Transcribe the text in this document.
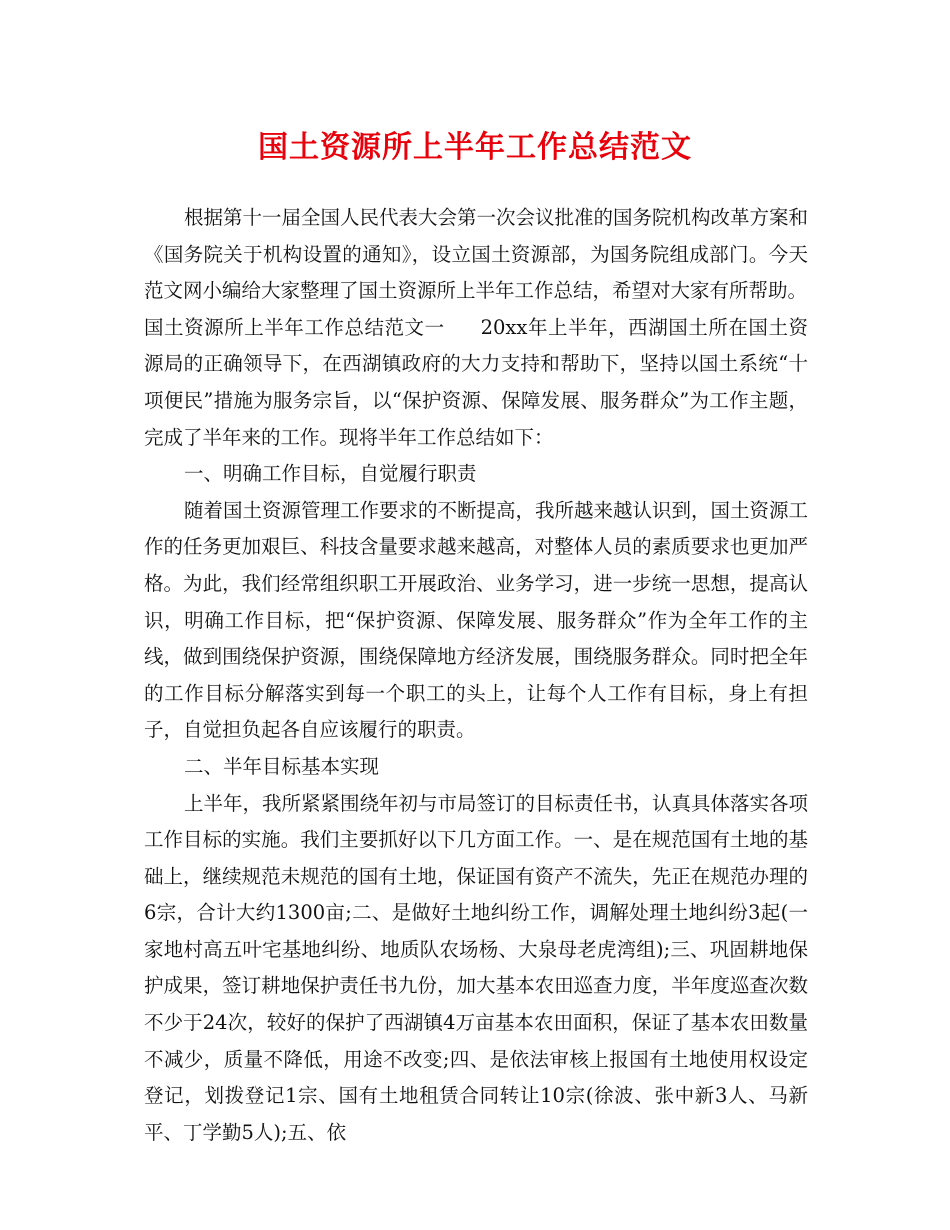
国土资源所上半年工作总结范文

根据第十一届全国人民代表大会第一次会议批准的国务院机构改革方案和《国务院关于机构设置的通知》，设立国土资源部，为国务院组成部门。今天范文网小编给大家整理了国土资源所上半年工作总结，希望对大家有所帮助。

国土资源所上半年工作总结范文一 20xx年上半年，西湖国土所在国土资源局的正确领导下，在西湖镇政府的大力支持和帮助下，坚持以国土系统“十项便民”措施为服务宗旨，以“保护资源、保障发展、服务群众”为工作主题，完成了半年来的工作。现将半年工作总结如下：

一、明确工作目标，自觉履行职责

随着国土资源管理工作要求的不断提高，我所越来越认识到，国土资源工作的任务更加艰巨、科技含量要求越来越高，对整体人员的素质要求也更加严格。为此，我们经常组织职工开展政治、业务学习，进一步统一思想，提高认识，明确工作目标，把“保护资源、保障发展、服务群众”作为全年工作的主线，做到围绕保护资源，围绕保障地方经济发展，围绕服务群众。同时把全年的工作目标分解落实到每一个职工的头上，让每个人工作有目标，身上有担子，自觉担负起各自应该履行的职责。

二、半年目标基本实现

上半年，我所紧紧围绕年初与市局签订的目标责任书，认真具体落实各项工作目标的实施。我们主要抓好以下几方面工作。一、是在规范国有土地的基础上，继续规范未规范的国有土地，保证国有资产不流失，先正在规范办理的6宗，合计大约1300亩;二、是做好土地纠纷工作，调解处理土地纠纷3起(一家地村高五叶宅基地纠纷、地质队农场杨、大泉母老虎湾组);三、巩固耕地保护成果，签订耕地保护责任书九份，加大基本农田巡查力度，半年度巡查次数不少于24次，较好的保护了西湖镇4万亩基本农田面积，保证了基本农田数量不减少，质量不降低，用途不改变;四、是依法审核上报国有土地使用权设定登记，划拨登记1宗、国有土地租赁合同转让10宗(徐波、张中新3人、马新平、丁学勤5人);五、依
